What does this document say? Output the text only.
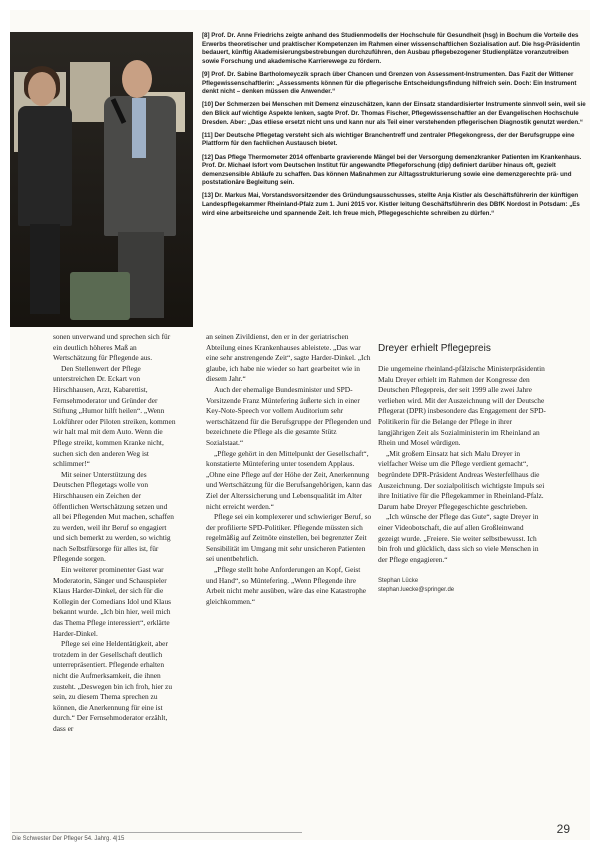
[8] Prof. Dr. Anne Friedrichs zeigte anhand des Studienmodells der Hochschule für Gesundheit (hsg) in Bochum die Vorteile des Erwerbs theoretischer und praktischer Kompetenzen im Rahmen einer wissenschaftlichen Sozialisation auf. Die hsg-Präsidentin bedauert, künftig Akademisierungsbestrebungen durchzuführen, den Ausbau pflegebezogener Studienplätze voranzutreiben sowie Forschung und akademische Karrierewege zu fördern.

[9] Prof. Dr. Sabine Bartholomeyczik sprach über Chancen und Grenzen von Assessment-Instrumenten. Das Fazit der Wittener Pflegewissenschaftlerin: „Assessments können für die pflegerische Entscheidungsfindung hilfreich sein. Doch: Ein Instrument denkt nicht – denken müssen die Anwender.“

[10] Der Schmerzen bei Menschen mit Demenz einzuschätzen, kann der Einsatz standardisierter Instrumente sinnvoll sein, weil sie den Blick auf wichtige Aspekte lenken, sagte Prof. Dr. Thomas Fischer, Pflegewissenschaftler an der Evangelischen Hochschule Dresden. Aber: „Das etliese ersetzt nicht uns und kann nur als Teil einer verstehenden pflegerischen Diagnostik genutzt werden.“

[11] Der Deutsche Pflegetag versteht sich als wichtiger Branchentreff und zentraler Pflegekongress, der der Berufsgruppe eine Plattform für den fachlichen Austausch bietet.

[12] Das Pflege Thermometer 2014 offenbarte gravierende Mängel bei der Versorgung demenzkranker Patienten im Krankenhaus. Prof. Dr. Michael Isfort vom Deutschen Institut für angewandte Pflegeforschung (dip) definiert darüber hinaus oft, gezielt demenzsensible Abläufe zu schaffen. Das können Maßnahmen zur Alltagsstrukturierung sowie eine demenzgerechte prä- und poststationäre Begleitung sein.

[13] Dr. Markus Mai, Vorstandsvorsitzender des Gründungsausschusses, stellte Anja Kistler als Geschäftsführerin der künftigen Landespflegekammer Rheinland-Pfalz zum 1. Juni 2015 vor. Kistler leitung Geschäftsführerin des DBfK Nordost in Potsdam: „Es wird eine arbeitsreiche und spannende Zeit. Ich freue mich, Pflegegeschichte schreiben zu dürfen.“

sonen unverwand und sprechen sich für ein deutlich höheres Maß an Wertschätzung für Pflegende aus.

Den Stellenwert der Pflege unterstreichen Dr. Eckart von Hirschhausen, Arzt, Kabarettist, Fernsehmoderator und Gründer der Stiftung „Humor hilft heilen“. „Wenn Lokführer oder Piloten streiken, kommen wir halt mal mit dem Auto. Wenn die Pflege streikt, kommen Kranke nicht, suchen sich den anderen Weg ist schlimmer!“

Mit seiner Unterstützung des Deutschen Pflegetags wolle von Hirschhausen ein Zeichen der öffentlichen Wertschätzung setzen und all bei Pflegenden Mut machen, schaffen zu werden, weil ihr Beruf so engagiert und sich bemerkt zu werden, so wichtig nach Selbstfürsorge für alles ist, für Pflegende sorgen.

Ein weiterer prominenter Gast war Moderatorin, Sänger und Schauspieler Klaus Harder-Dinkel, der sich für die Kollegin der Comedians Idol und Klaus bekannt wurde. „Ich bin hier, weil mich das Thema Pflege interessiert“, erklärte Harder-Dinkel.

Pflege sei eine Heldentätigkeit, aber trotzdem in der Gesellschaft deutlich unterrepräsentiert. Pflegende erhalten nicht die Aufmerksamkeit, die ihnen zusteht. „Deswegen bin ich froh, hier zu sein, zu diesem Thema sprechen zu können, die Anerkennung für eine ist durch.“ Der Fernsehmoderator erzählt, dass er

an seinen Zivildienst, den er in der geriatrischen Abteilung eines Krankenhauses ableistete. „Das war eine sehr anstrengende Zeit“, sagte Harder-Dinkel. „Ich glaube, ich habe nie wieder so hart gearbeitet wie in diesem Jahr.“

Auch der ehemalige Bundesminister und SPD-Vorsitzende Franz Müntefering äußerte sich in einer Key-Note-Speech vor vollem Auditorium sehr wertschätzend für die Berufsgruppe der Pflegenden und bezeichnete die Pflege als die gesamte Stütz Sozialstaat.“

„Pflege gehört in den Mittelpunkt der Gesellschaft“, konstatierte Müntefering unter tosendem Applaus. „Ohne eine Pflege auf der Höhe der Zeit, Anerkennung und Wertschätzung für die Berufsangehörigen, kann das Ziel der Alterssicherung und Lebensqualität im Alter nicht erreicht werden.“

Pflege sei ein komplexerer und schwieriger Beruf, so der profilierte SPD-Politiker. Pflegende müssten sich regelmäßig auf Zeitnöte einstellen, bei begrenzter Zeit Sensibilität im Umgang mit sehr unsicheren Patienten sei unentbehrlich.

„Pflege stellt hohe Anforderungen an Kopf, Geist und Hand“, so Müntefering. „Wenn Pflegende ihre Arbeit nicht mehr ausüben, wäre das eine Katastrophe gleichkommen.“

Dreyer erhielt Pflegepreis

Die ungemeine rheinland-pfälzische Ministerpräsidentin Malu Dreyer erhielt im Rahmen der Kongresse den Deutschen Pflegepreis, der seit 1999 alle zwei Jahre verliehen wird. Mit der Auszeichnung will der Deutsche Pflegerat (DPR) insbesondere das Engagement der SPD-Politikerin für die Belange der Pflege in ihrer langjährigen Zeit als Sozialministerin im Rheinland an Rhein und Mosel würdigen.

„Mit großem Einsatz hat sich Malu Dreyer in vielfacher Weise um die Pflege verdient gemacht“, begründete DPR-Präsident Andreas Westerfellhaus die Auszeichnung. Der sozialpolitisch wichtigste Impuls sei ihre Initiative für die Pflegekammer in Rheinland-Pfalz. Darum habe Dreyer Pflegegeschichte geschrieben.

„Ich wünsche der Pflege das Gute“, sagte Dreyer in einer Videobotschaft, die auf allen Großleinwand gezeigt wurde. „Freiere. Sie weiter selbstbewusst. Ich bin froh und glücklich, dass sich so viele Menschen in der Pflege engagieren.“

Stephan Lücke
stephan.luecke@springer.de
Die Schwester Der Pfleger 54. Jahrg. 4|15
29
